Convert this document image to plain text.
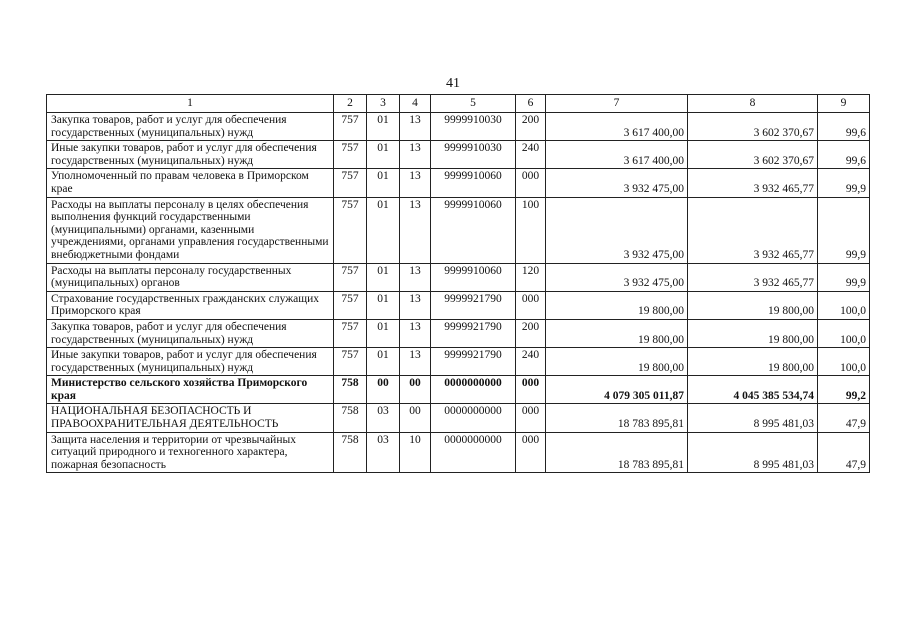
41
1	2	3	4	5	6	7	8	9
Закупка товаров, работ и услуг для обеспечения государственных (муниципальных) нужд	757	01	13	9999910030	200	3 617 400,00	3 602 370,67	99,6
Иные закупки товаров, работ и услуг для обеспечения государственных (муниципальных) нужд	757	01	13	9999910030	240	3 617 400,00	3 602 370,67	99,6
Уполномоченный по правам человека в Приморском крае	757	01	13	9999910060	000	3 932 475,00	3 932 465,77	99,9
Расходы на выплаты персоналу в целях обеспечения выполнения функций государственными (муниципальными) органами, казенными учреждениями, органами управления государственными внебюджетными фондами	757	01	13	9999910060	100	3 932 475,00	3 932 465,77	99,9
Расходы на выплаты персоналу государственных (муниципальных) органов	757	01	13	9999910060	120	3 932 475,00	3 932 465,77	99,9
Страхование государственных гражданских служащих Приморского края	757	01	13	9999921790	000	19 800,00	19 800,00	100,0
Закупка товаров, работ и услуг для обеспечения государственных (муниципальных) нужд	757	01	13	9999921790	200	19 800,00	19 800,00	100,0
Иные закупки товаров, работ и услуг для обеспечения государственных (муниципальных) нужд	757	01	13	9999921790	240	19 800,00	19 800,00	100,0
Министерство сельского хозяйства Приморского края	758	00	00	0000000000	000	4 079 305 011,87	4 045 385 534,74	99,2
НАЦИОНАЛЬНАЯ БЕЗОПАСНОСТЬ И ПРАВООХРАНИТЕЛЬНАЯ ДЕЯТЕЛЬНОСТЬ	758	03	00	0000000000	000	18 783 895,81	8 995 481,03	47,9
Защита населения и территории от чрезвычайных ситуаций природного и техногенного характера, пожарная безопасность	758	03	10	0000000000	000	18 783 895,81	8 995 481,03	47,9
